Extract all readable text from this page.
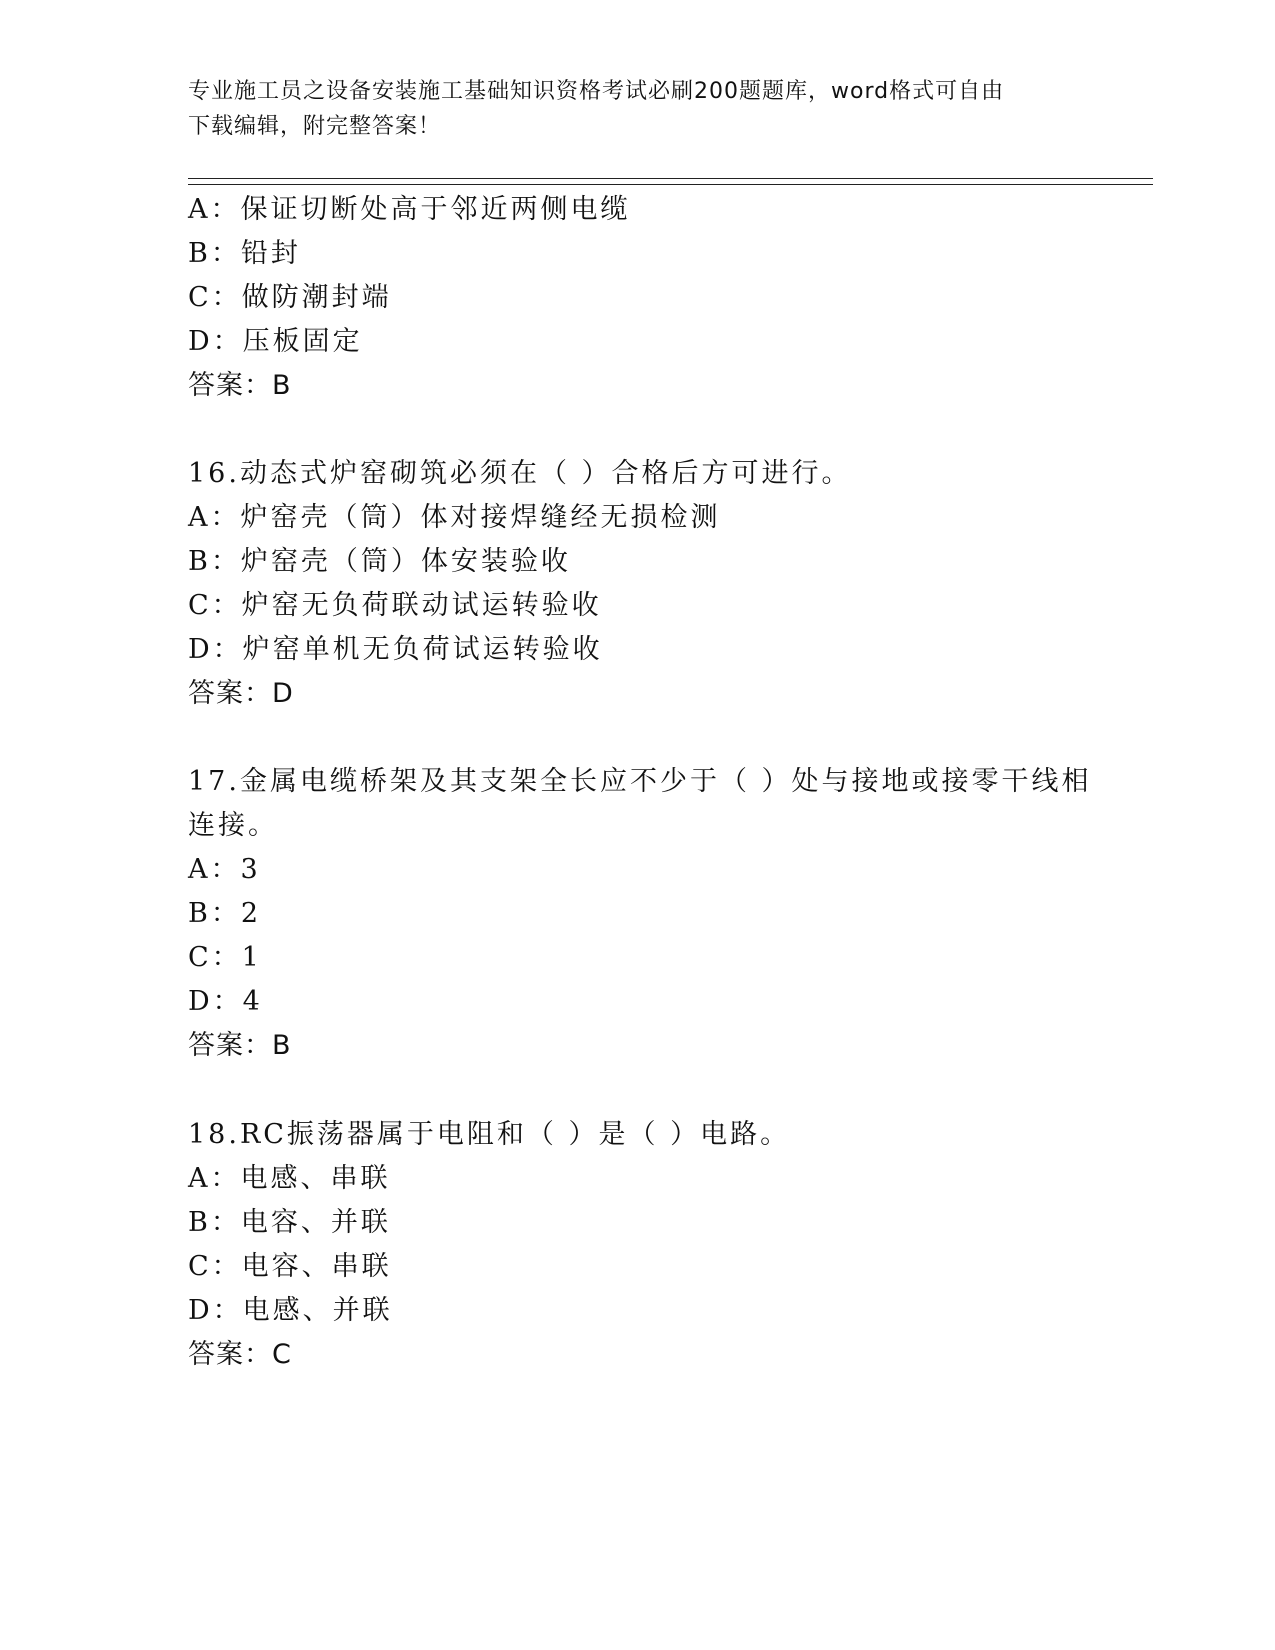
专业施工员之设备安装施工基础知识资格考试必刷200题题库，word格式可自由
下载编辑，附完整答案！
A：保证切断处高于邻近两侧电缆
B：铅封
C：做防潮封端
D：压板固定
答案：B
16.动态式炉窑砌筑必须在（ ）合格后方可进行。
A：炉窑壳（筒）体对接焊缝经无损检测
B：炉窑壳（筒）体安装验收
C：炉窑无负荷联动试运转验收
D：炉窑单机无负荷试运转验收
答案：D
17.金属电缆桥架及其支架全长应不少于（ ）处与接地或接零干线相
连接。
A：3
B：2
C：1
D：4
答案：B
18.RC振荡器属于电阻和（ ）是（ ）电路。
A：电感、串联
B：电容、并联
C：电容、串联
D：电感、并联
答案：C
